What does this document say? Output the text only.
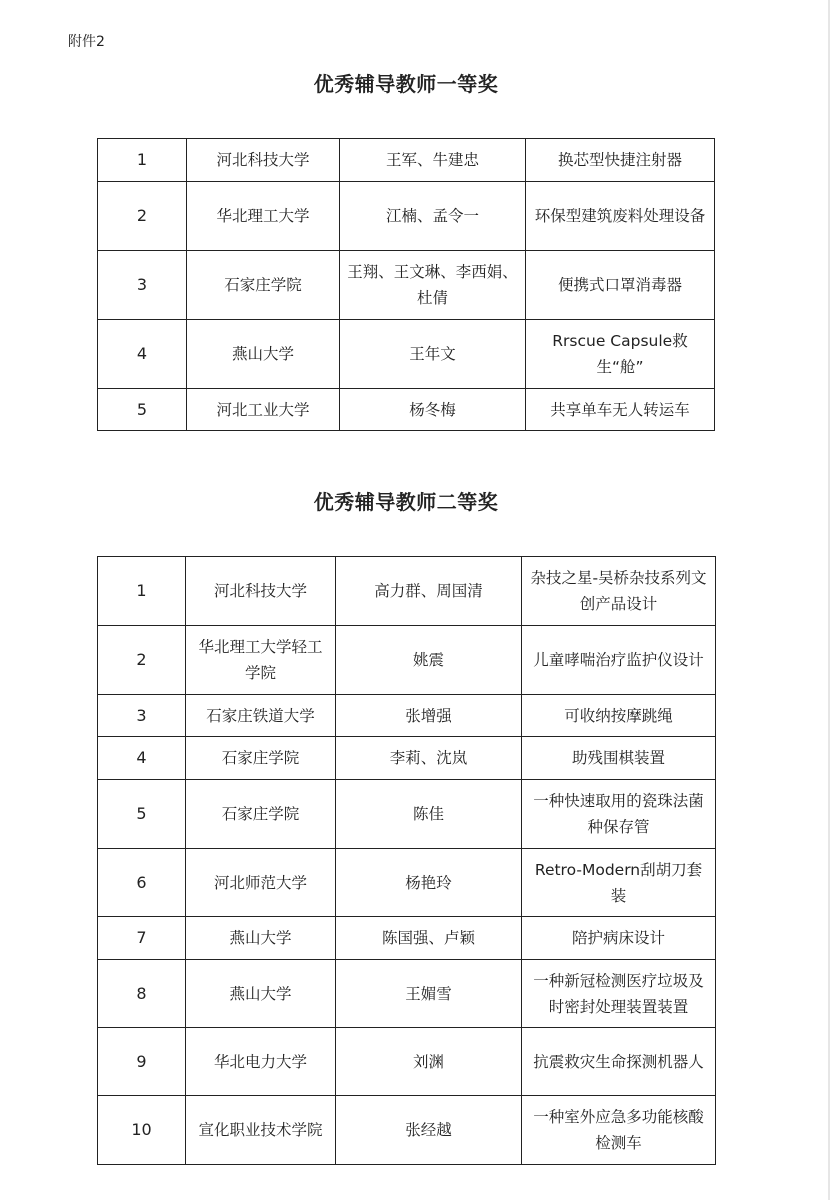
附件2
优秀辅导教师一等奖
1	河北科技大学	王军、牛建忠	换芯型快捷注射器
2	华北理工大学	江楠、孟令一	环保型建筑废料处理设备
3	石家庄学院	王翔、王文琳、李西娟、杜倩	便携式口罩消毒器
4	燕山大学	王年文	Rrscue Capsule救生“舱”
5	河北工业大学	杨冬梅	共享单车无人转运车
优秀辅导教师二等奖
1	河北科技大学	高力群、周国清	杂技之星-吴桥杂技系列文创产品设计
2	华北理工大学轻工学院	姚震	儿童哮喘治疗监护仪设计
3	石家庄铁道大学	张增强	可收纳按摩跳绳
4	石家庄学院	李莉、沈岚	助残围棋装置
5	石家庄学院	陈佳	一种快速取用的瓷珠法菌种保存管
6	河北师范大学	杨艳玲	Retro-Modern刮胡刀套装
7	燕山大学	陈国强、卢颖	陪护病床设计
8	燕山大学	王媚雪	一种新冠检测医疗垃圾及时密封处理装置装置
9	华北电力大学	刘渊	抗震救灾生命探测机器人
10	宣化职业技术学院	张经越	一种室外应急多功能核酸检测车
